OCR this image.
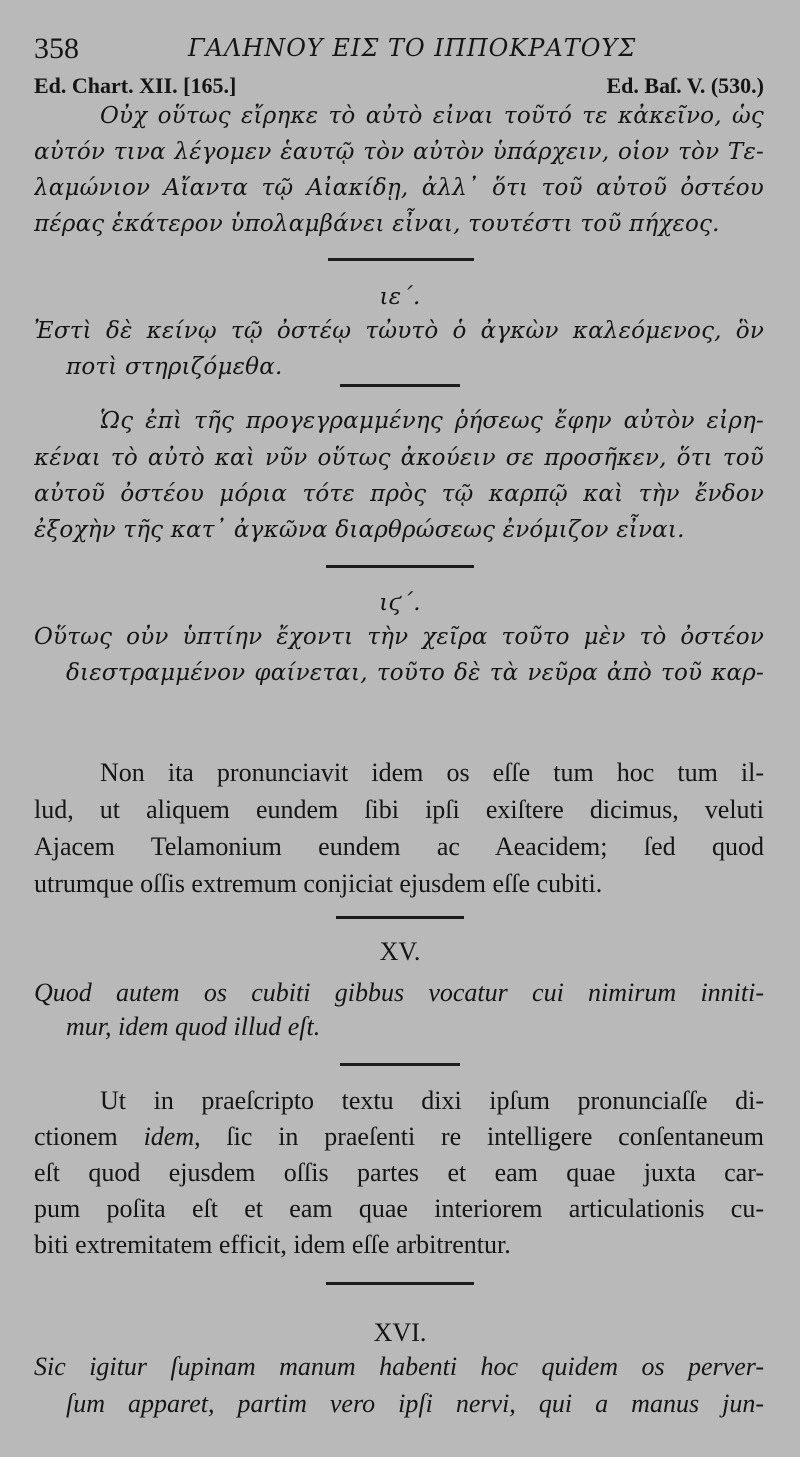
358	ΓΑΛΗΝΟΥ ΕΙΣ ΤΟ ΙΠΠΟΚΡΑΤΟΥΣ
Ed. Chart. XII. [165.]	Ed. Baſ. V. (530.)
Οὐχ οὕτως εἴρηκε τὸ αὐτὸ εἶναι τοῦτό τε κἀκεῖνο, ὡς
αὐτόν τινα λέγομεν ἑαυτῷ τὸν αὐτὸν ὑπάρχειν, οἷον τὸν Τε-
λαμώνιον Αἴαντα τῷ Αἰακίδῃ, ἀλλ᾽ ὅτι τοῦ αὐτοῦ ὀστέου
πέρας ἑκάτερον ὑπολαμβάνει εἶναι, τουτέστι τοῦ πήχεος.
ιε΄.
Ἐστὶ δὲ κείνῳ τῷ ὀστέῳ τὠυτὸ ὁ ἀγκὼν καλεόμενος, ὃν
ποτὶ στηριζόμεθα.
Ὡς ἐπὶ τῆς προγεγραμμένης ῥήσεως ἔφην αὐτὸν εἰρη-
κέναι τὸ αὐτὸ καὶ νῦν οὕτως ἀκούειν σε προσῆκεν, ὅτι τοῦ
αὐτοῦ ὀστέου μόρια τότε πρὸς τῷ καρπῷ καὶ τὴν ἔνδον
ἐξοχὴν τῆς κατ᾽ ἀγκῶνα διαρθρώσεως ἐνόμιζον εἶναι.
ιϛ΄.
Οὕτως οὖν ὑπτίην ἔχοντι τὴν χεῖρα τοῦτο μὲν τὸ ὀστέον
διεστραμμένον φαίνεται, τοῦτο δὲ τὰ νεῦρα ἀπὸ τοῦ καρ-
Non ita pronunciavit idem os eſſe tum hoc tum il-
lud, ut aliquem eundem ſibi ipſi exiſtere dicimus, veluti
Ajacem Telamonium eundem ac Aeacidem; ſed quod
utrumque oſſis extremum conjiciat ejusdem eſſe cubiti.
XV.
Quod autem os cubiti gibbus vocatur cui nimirum inniti-
mur, idem quod illud eſt.
Ut in praeſcripto textu dixi ipſum pronunciaſſe di-
ctionem idem, ſic in praeſenti re intelligere conſentaneum
eſt quod ejusdem oſſis partes et eam quae juxta car-
pum poſita eſt et eam quae interiorem articulationis cu-
biti extremitatem efficit, idem eſſe arbitrentur.
XVI.
Sic igitur ſupinam manum habenti hoc quidem os perver-
ſum apparet, partim vero ipſi nervi, qui a manus jun-
